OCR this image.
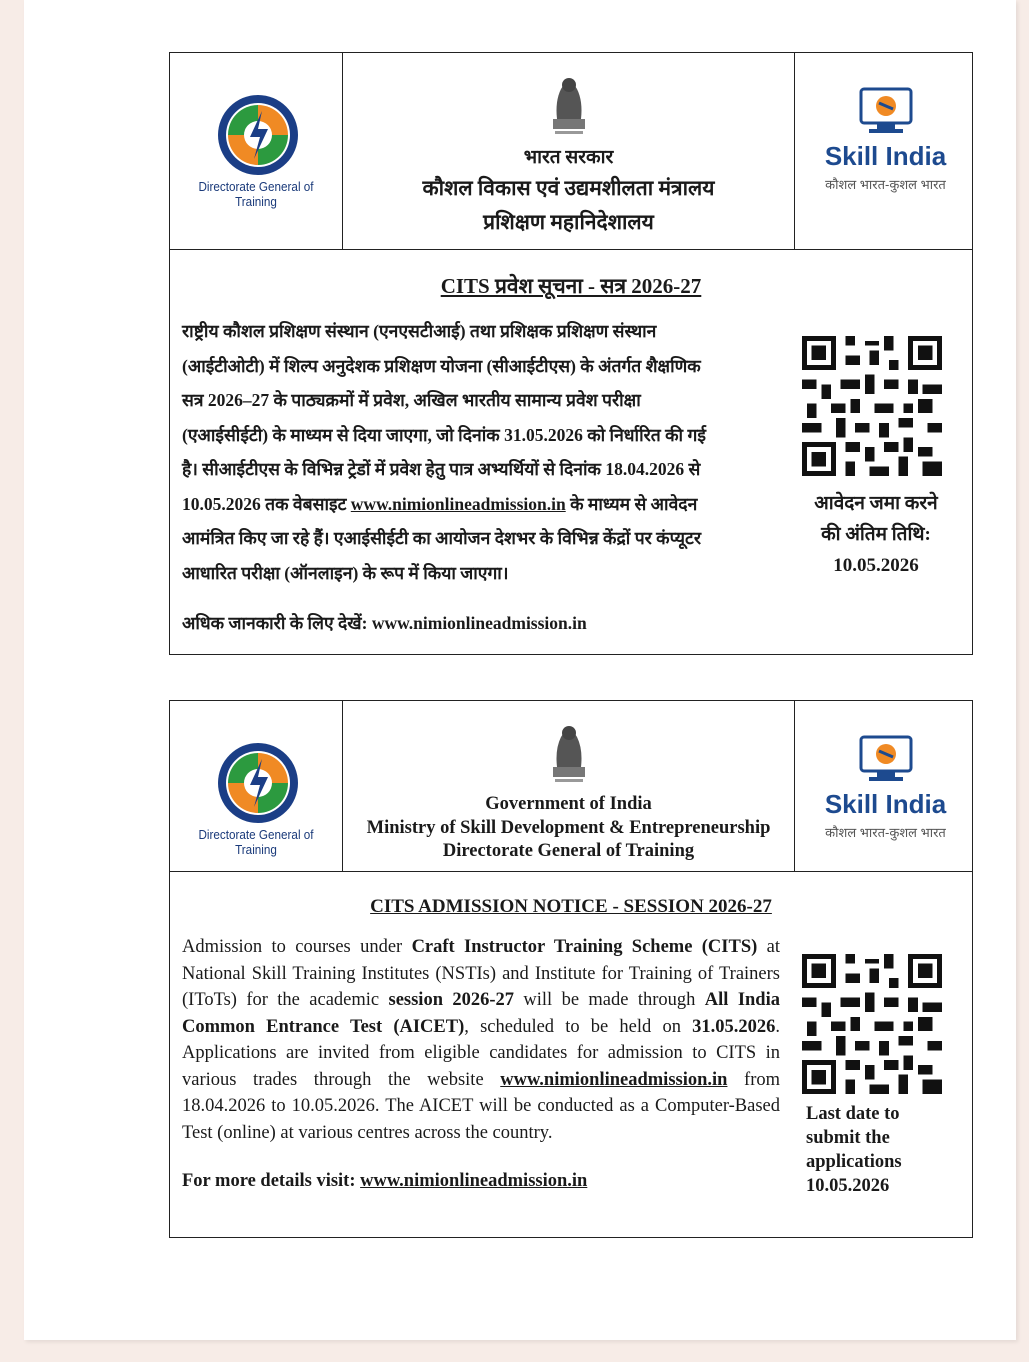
Directorate General of Training
भारत सरकार
कौशल विकास एवं उद्यमशीलता मंत्रालय
प्रशिक्षण महानिदेशालय
Skill India
कौशल भारत-कुशल भारत
CITS प्रवेश सूचना - सत्र 2026-27
राष्ट्रीय कौशल प्रशिक्षण संस्थान (एनएसटीआई) तथा प्रशिक्षक प्रशिक्षण संस्थान
(आईटीओटी) में शिल्प अनुदेशक प्रशिक्षण योजना (सीआईटीएस) के अंतर्गत शैक्षणिक
सत्र 2026–27 के पाठ्यक्रमों में प्रवेश, अखिल भारतीय सामान्य प्रवेश परीक्षा
(एआईसीईटी) के माध्यम से दिया जाएगा, जो दिनांक 31.05.2026 को निर्धारित की गई
है। सीआईटीएस के विभिन्न ट्रेडों में प्रवेश हेतु पात्र अभ्यर्थियों से दिनांक 18.04.2026 से
10.05.2026 तक वेबसाइट www.nimionlineadmission.in के माध्यम से आवेदन
आमंत्रित किए जा रहे हैं। एआईसीईटी का आयोजन देशभर के विभिन्न केंद्रों पर कंप्यूटर
आधारित परीक्षा (ऑनलाइन) के रूप में किया जाएगा।
अधिक जानकारी के लिए देखें: www.nimionlineadmission.in
आवेदन जमा करने
की अंतिम तिथि:
10.05.2026
Directorate General of Training
Government of India
Ministry of Skill Development & Entrepreneurship
Directorate General of Training
Skill India
कौशल भारत-कुशल भारत
CITS ADMISSION NOTICE - SESSION 2026-27
Admission to courses under Craft Instructor Training Scheme (CITS) at National Skill Training Institutes (NSTIs) and Institute for Training of Trainers (IToTs) for the academic session 2026-27 will be made through All India Common Entrance Test (AICET), scheduled to be held on 31.05.2026. Applications are invited from eligible candidates for admission to CITS in various trades through the website www.nimionlineadmission.in from 18.04.2026 to 10.05.2026. The AICET will be conducted as a Computer-Based Test (online) at various centres across the country.
For more details visit: www.nimionlineadmission.in
Last date to
submit the
applications
10.05.2026
